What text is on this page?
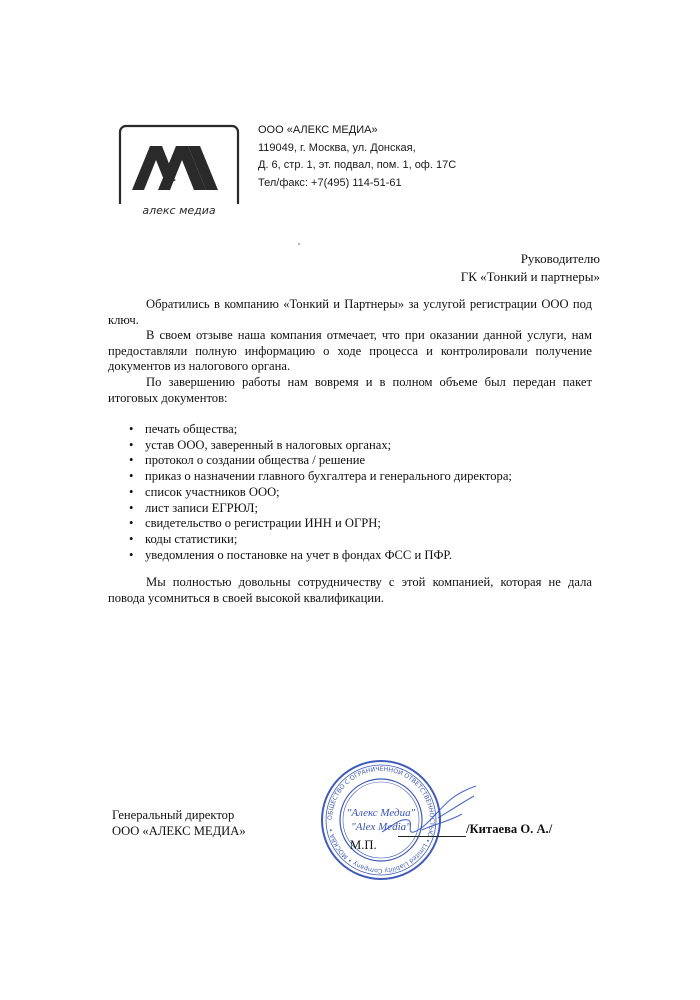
алекс медиа
ООО «АЛЕКС МЕДИА»
119049, г. Москва, ул. Донская,
Д. 6, стр. 1, эт. подвал, пом. 1, оф. 17С
Тел/факс: +7(495) 114-51-61
Руководителю
ГК «Тонкий и партнеры»

Обратились в компанию «Тонкий и Партнеры» за услугой регистрации ООО под ключ.

В своем отзыве наша компания отмечает, что при оказании данной услуги, нам предоставляли полную информацию о ходе процесса и контролировали получение документов из налогового органа.

По завершению работы нам вовремя и в полном объеме был передан пакет итоговых документов:

• печать общества;
• устав ООО, заверенный в налоговых органах;
• протокол о создании общества / решение
• приказ о назначении главного бухгалтера и генерального директора;
• список участников ООО;
• лист записи ЕГРЮЛ;
• свидетельство о регистрации ИНН и ОГРН;
• коды статистики;
• уведомления о постановке на учет в фондах ФСС и ПФР.

Мы полностью довольны сотрудничеству с этой компанией, которая не дала повода усомниться в своей высокой квалификации.

Генеральный директор
ООО «АЛЕКС МЕДИА»
ОБЩЕСТВО С ОГРАНИЧЕННОЙ ОТВЕТСТВЕННОСТЬЮ • Limited Liability Company • МОСКВА •
"Алекс Медиа"
"Alex Media"	/Китаева О. А./
М.П.
